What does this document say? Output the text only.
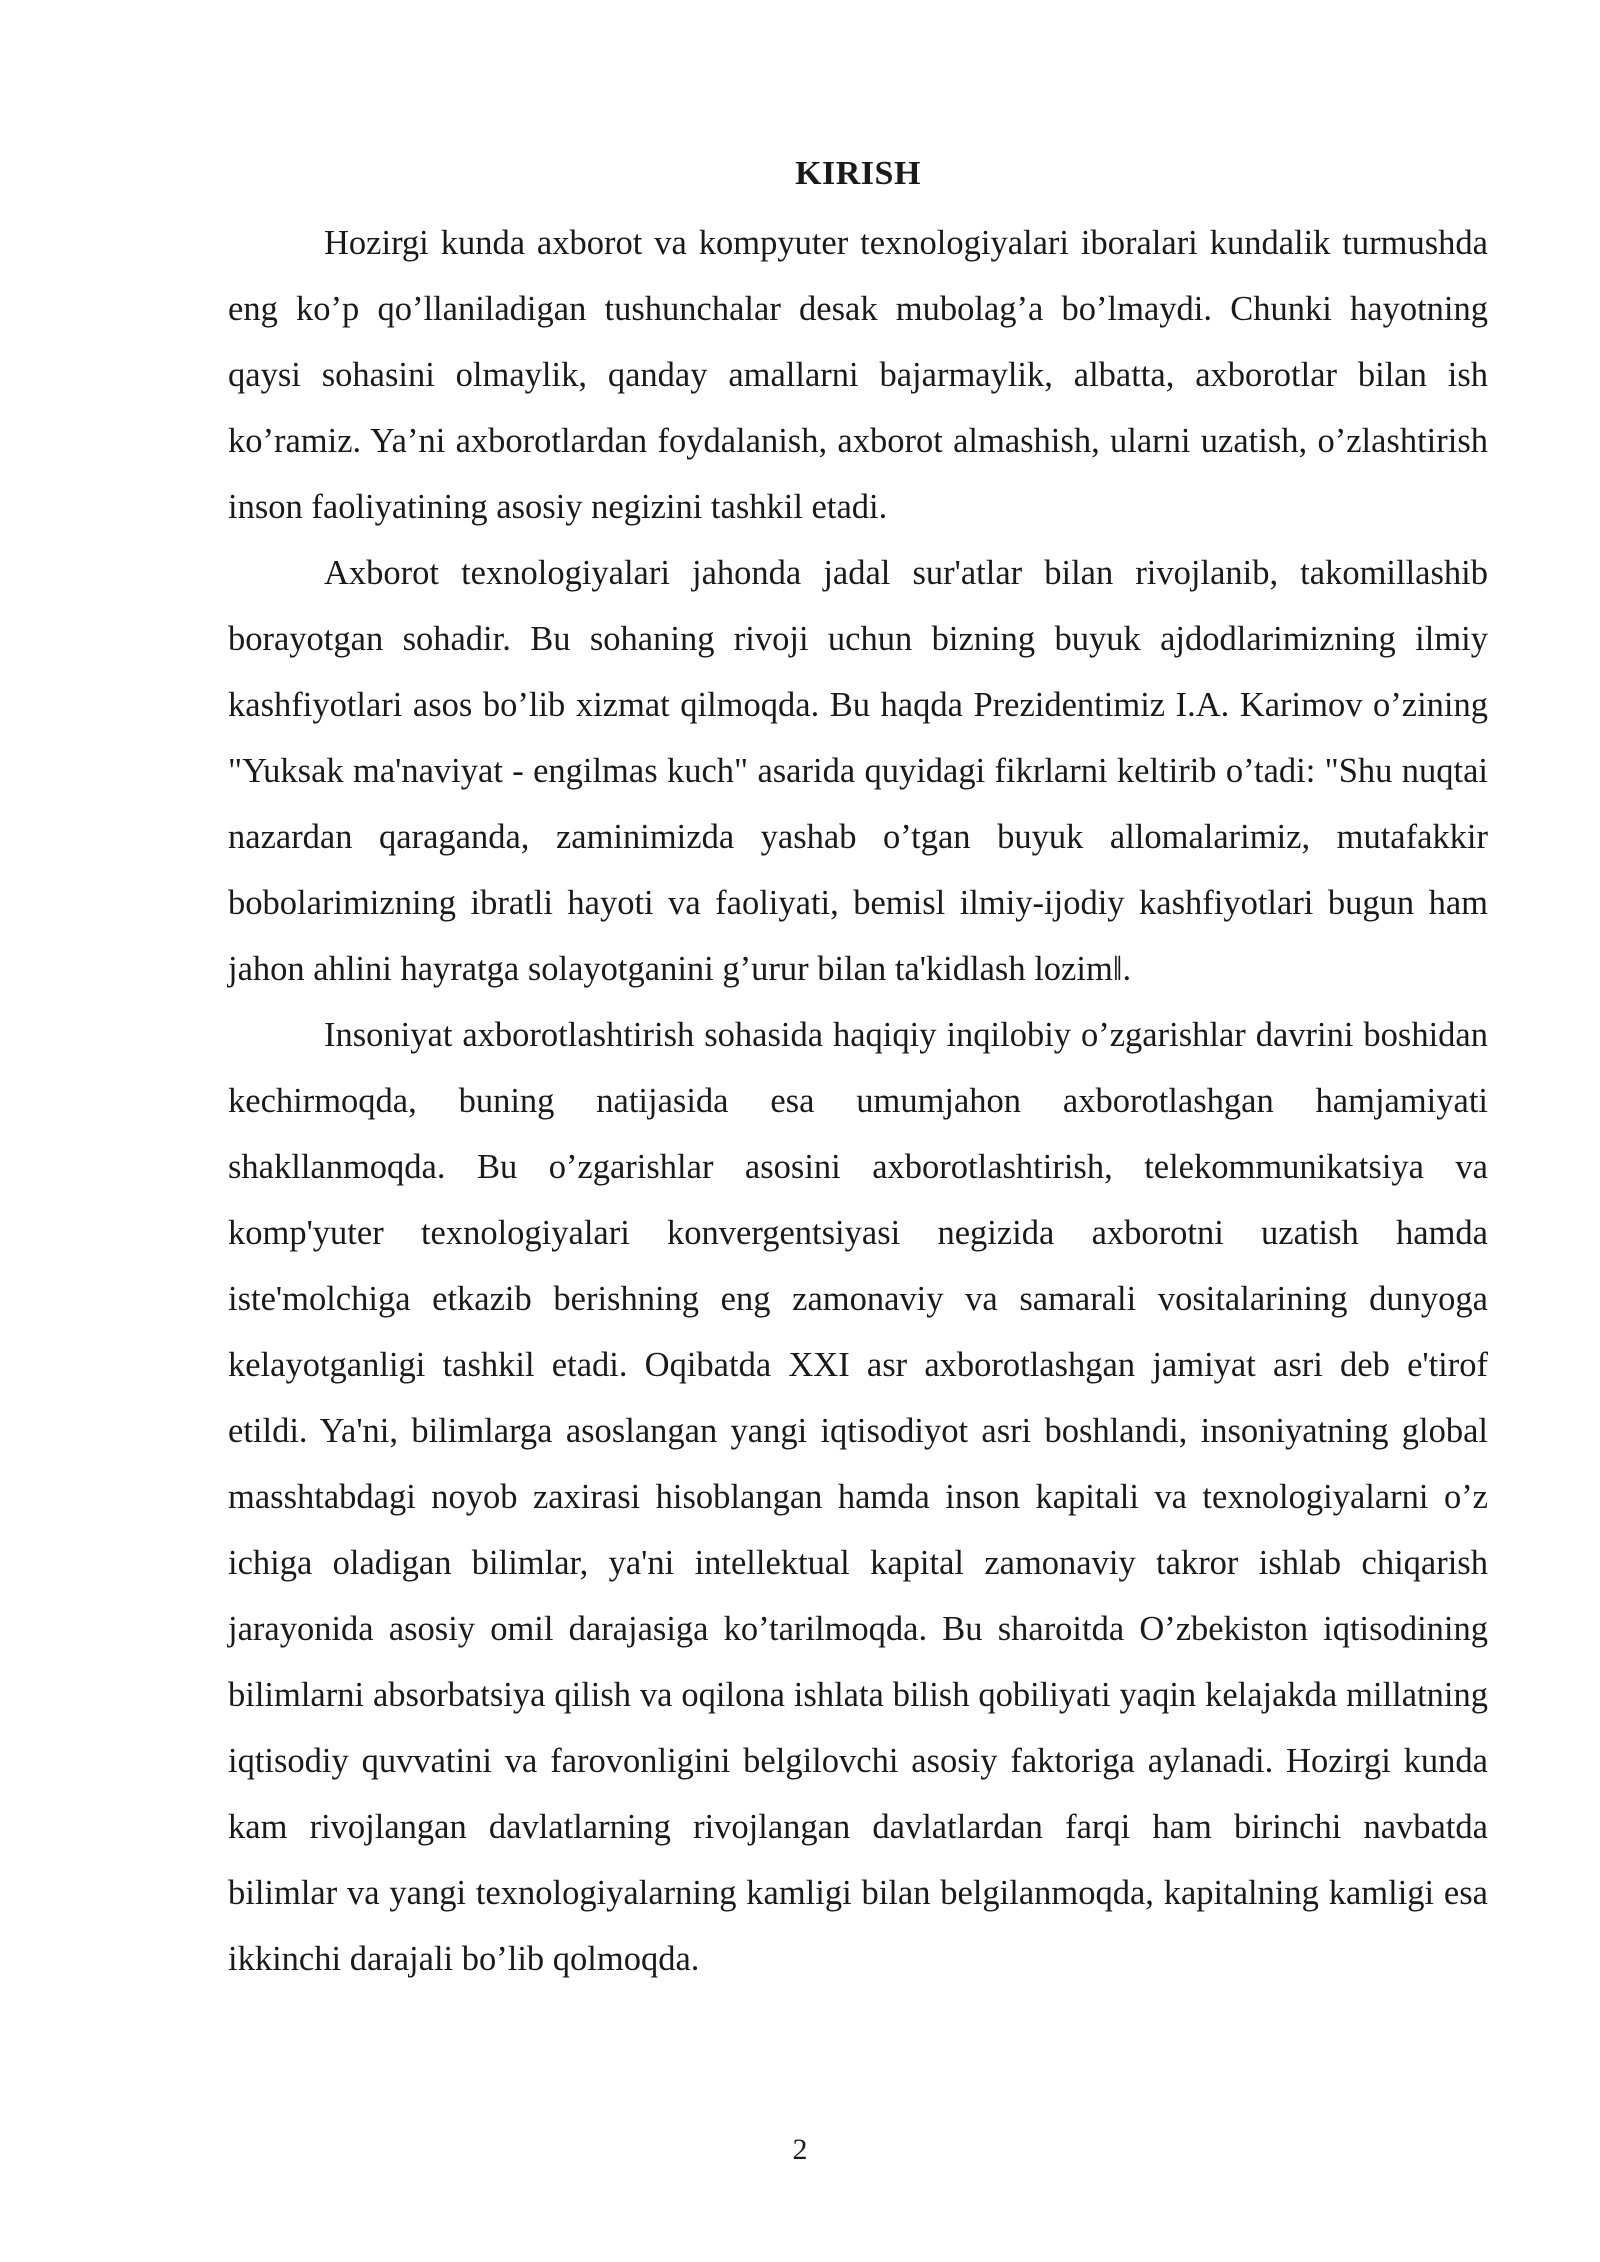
KIRISH

Hozirgi kunda axborot va kompyuter texnologiyalari iboralari kundalik turmushda eng ko’p qo’llaniladigan tushunchalar desak mubolag’a bo’lmaydi. Chunki hayotning qaysi sohasini olmaylik, qanday amallarni bajarmaylik, albatta, axborotlar bilan ish ko’ramiz. Ya’ni axborotlardan foydalanish, axborot almashish, ularni uzatish, o’zlashtirish inson faoliyatining asosiy negizini tashkil etadi.

Axborot texnologiyalari jahonda jadal sur'atlar bilan rivojlanib, takomillashib borayotgan sohadir. Bu sohaning rivoji uchun bizning buyuk ajdodlarimizning ilmiy kashfiyotlari asos bo’lib xizmat qilmoqda. Bu haqda Prezidentimiz I.A. Karimov o’zining "Yuksak ma'naviyat - engilmas kuch" asarida quyidagi fikrlarni keltirib o’tadi: "Shu nuqtai nazardan qaraganda, zaminimizda yashab o’tgan buyuk allomalarimiz, mutafakkir bobolarimizning ibratli hayoti va faoliyati, bemisl ilmiy-ijodiy kashfiyotlari bugun ham jahon ahlini hayratga solayotganini g’urur bilan ta'kidlash lozim‖.

Insoniyat axborotlashtirish sohasida haqiqiy inqilobiy o’zgarishlar davrini boshidan kechirmoqda, buning natijasida esa umumjahon axborotlashgan hamjamiyati shakllanmoqda. Bu o’zgarishlar asosini axborotlashtirish, telekommunikatsiya va komp'yuter texnologiyalari konvergentsiyasi negizida axborotni uzatish hamda iste'molchiga etkazib berishning eng zamonaviy va samarali vositalarining dunyoga kelayotganligi tashkil etadi. Oqibatda XXI asr axborotlashgan jamiyat asri deb e'tirof etildi. Ya'ni, bilimlarga asoslangan yangi iqtisodiyot asri boshlandi, insoniyatning global masshtabdagi noyob zaxirasi hisoblangan hamda inson kapitali va texnologiyalarni o’z ichiga oladigan bilimlar, ya'ni intellektual kapital zamonaviy takror ishlab chiqarish jarayonida asosiy omil darajasiga ko’tarilmoqda. Bu sharoitda O’zbekiston iqtisodining bilimlarni absorbatsiya qilish va oqilona ishlata bilish qobiliyati yaqin kelajakda millatning iqtisodiy quvvatini va farovonligini belgilovchi asosiy faktoriga aylanadi. Hozirgi kunda kam rivojlangan davlatlarning rivojlangan davlatlardan farqi ham birinchi navbatda bilimlar va yangi texnologiyalarning kamligi bilan belgilanmoqda, kapitalning kamligi esa ikkinchi darajali bo’lib qolmoqda.

2
